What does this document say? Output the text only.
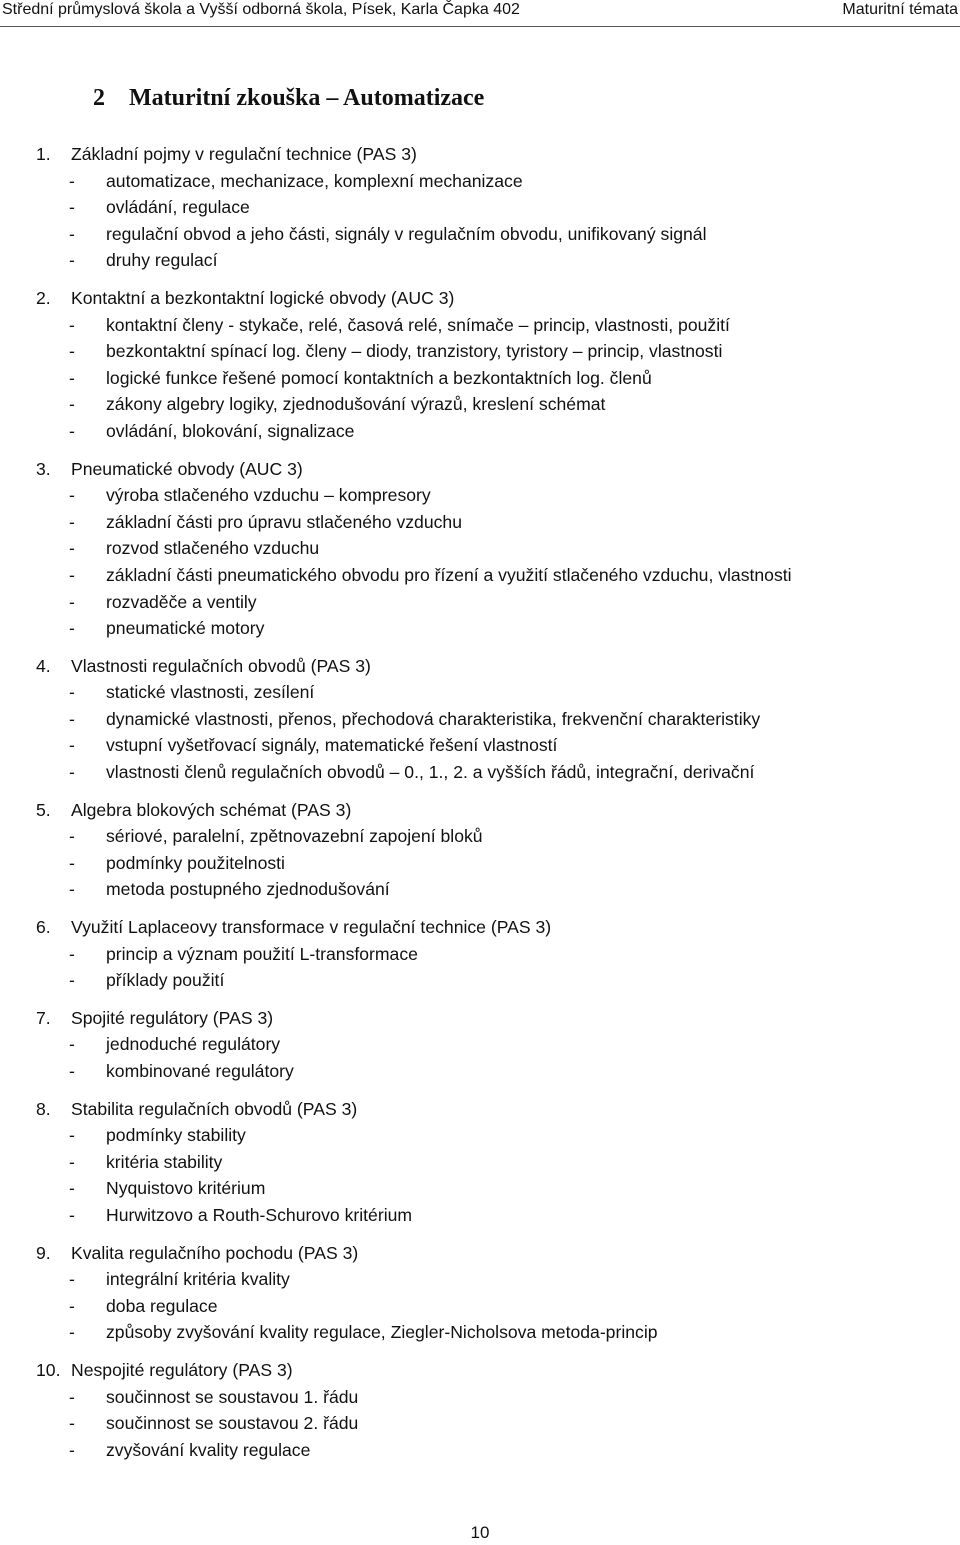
Střední průmyslová škola a Vyšší odborná škola, Písek, Karla Čapka 402	Maturitní témata
2 Maturitní zkouška – Automatizace
1. Základní pojmy v regulační technice (PAS 3)
- automatizace, mechanizace, komplexní mechanizace
- ovládání, regulace
- regulační obvod a jeho části, signály v regulačním obvodu, unifikovaný signál
- druhy regulací
2. Kontaktní a bezkontaktní logické obvody (AUC 3)
- kontaktní členy - stykače, relé, časová relé, snímače – princip, vlastnosti, použití
- bezkontaktní spínací log. členy – diody, tranzistory, tyristory – princip, vlastnosti
- logické funkce řešené pomocí kontaktních a bezkontaktních log. členů
- zákony algebry logiky, zjednodušování výrazů, kreslení schémat
- ovládání, blokování, signalizace
3. Pneumatické obvody (AUC 3)
- výroba stlačeného vzduchu – kompresory
- základní části pro úpravu stlačeného vzduchu
- rozvod stlačeného vzduchu
- základní části pneumatického obvodu pro řízení a využití stlačeného vzduchu, vlastnosti
- rozvaděče a ventily
- pneumatické motory
4. Vlastnosti regulačních obvodů (PAS 3)
- statické vlastnosti, zesílení
- dynamické vlastnosti, přenos, přechodová charakteristika, frekvenční charakteristiky
- vstupní vyšetřovací signály, matematické řešení vlastností
- vlastnosti členů regulačních obvodů – 0., 1., 2. a vyšších řádů, integrační, derivační
5. Algebra blokových schémat (PAS 3)
- sériové, paralelní, zpětnovazební zapojení bloků
- podmínky použitelnosti
- metoda postupného zjednodušování
6. Využití Laplaceovy transformace v regulační technice (PAS 3)
- princip a význam použití L-transformace
- příklady použití
7. Spojité regulátory (PAS 3)
- jednoduché regulátory
- kombinované regulátory
8. Stabilita regulačních obvodů (PAS 3)
- podmínky stability
- kritéria stability
- Nyquistovo kritérium
- Hurwitzovo a Routh-Schurovo kritérium
9. Kvalita regulačního pochodu (PAS 3)
- integrální kritéria kvality
- doba regulace
- způsoby zvyšování kvality regulace, Ziegler-Nicholsova metoda-princip
10. Nespojité regulátory (PAS 3)
- součinnost se soustavou 1. řádu
- součinnost se soustavou 2. řádu
- zvyšování kvality regulace
10
